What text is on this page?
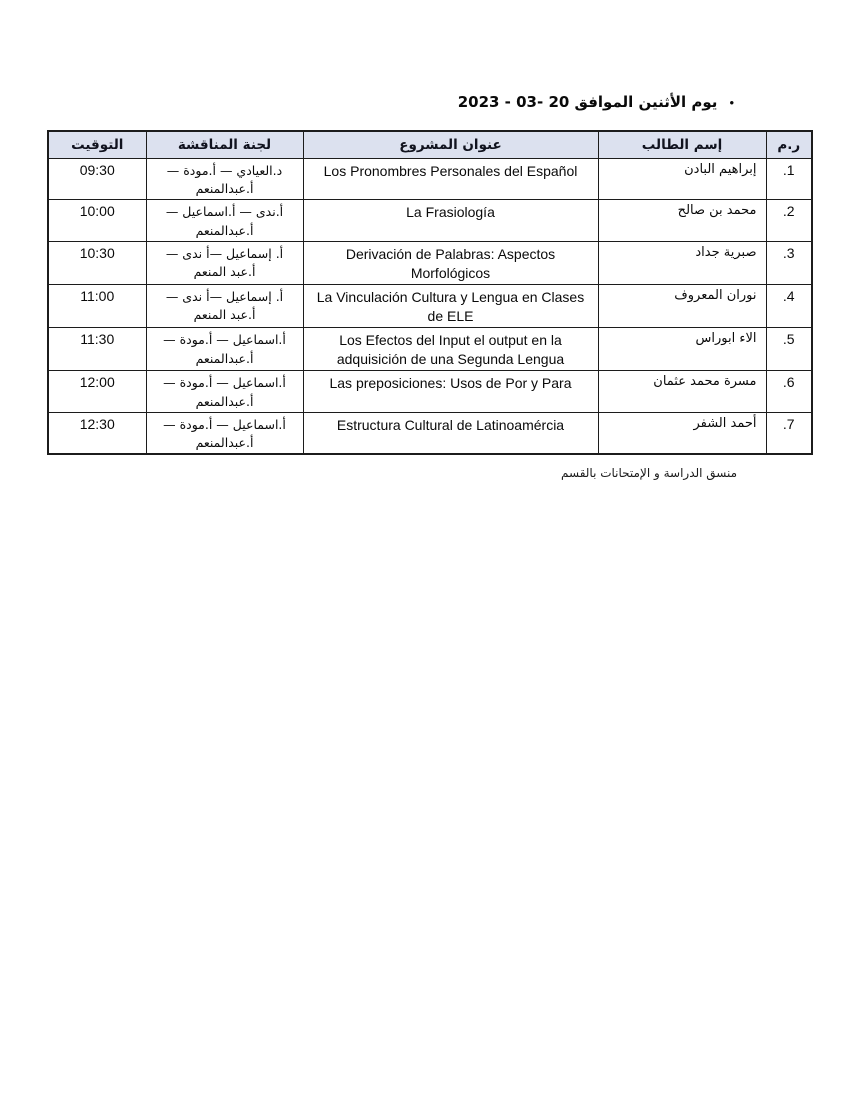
•
يوم الأثنين الموافق 20 -03 - 2023
ر.م	إسم الطالب	عنوان المشروع	لجنة المناقشة	التوقيت
1.	إبراهيم البادن	Los Pronombres Personales del Español	د.العيادي — أ.مودة — أ.عبدالمنعم	09:30
2.	محمد بن صالح	La Frasiología	أ.ندى — أ.اسماعيل — أ.عبدالمنعم	10:00
3.	صبرية جداد	Derivación de Palabras: Aspectos Morfológicos	أ. إسماعيل —أ ندى — أ.عبد المنعم	10:30
4.	نوران المعروف	La Vinculación Cultura y Lengua en Clases de ELE	أ. إسماعيل —أ ندى — أ.عبد المنعم	11:00
5.	الاء ابوراس	Los Efectos del Input el output en la adquisición de una Segunda Lengua	أ.اسماعيل — أ.مودة — أ.عبدالمنعم	11:30
6.	مسرة محمد عثمان	Las preposiciones: Usos de Por y Para	أ.اسماعيل — أ.مودة — أ.عبدالمنعم	12:00
7.	أحمد الشفر	Estructura Cultural de Latinoamércia	أ.اسماعيل — أ.مودة — أ.عبدالمنعم	12:30
منسق الدراسة و الإمتحانات بالقسم
